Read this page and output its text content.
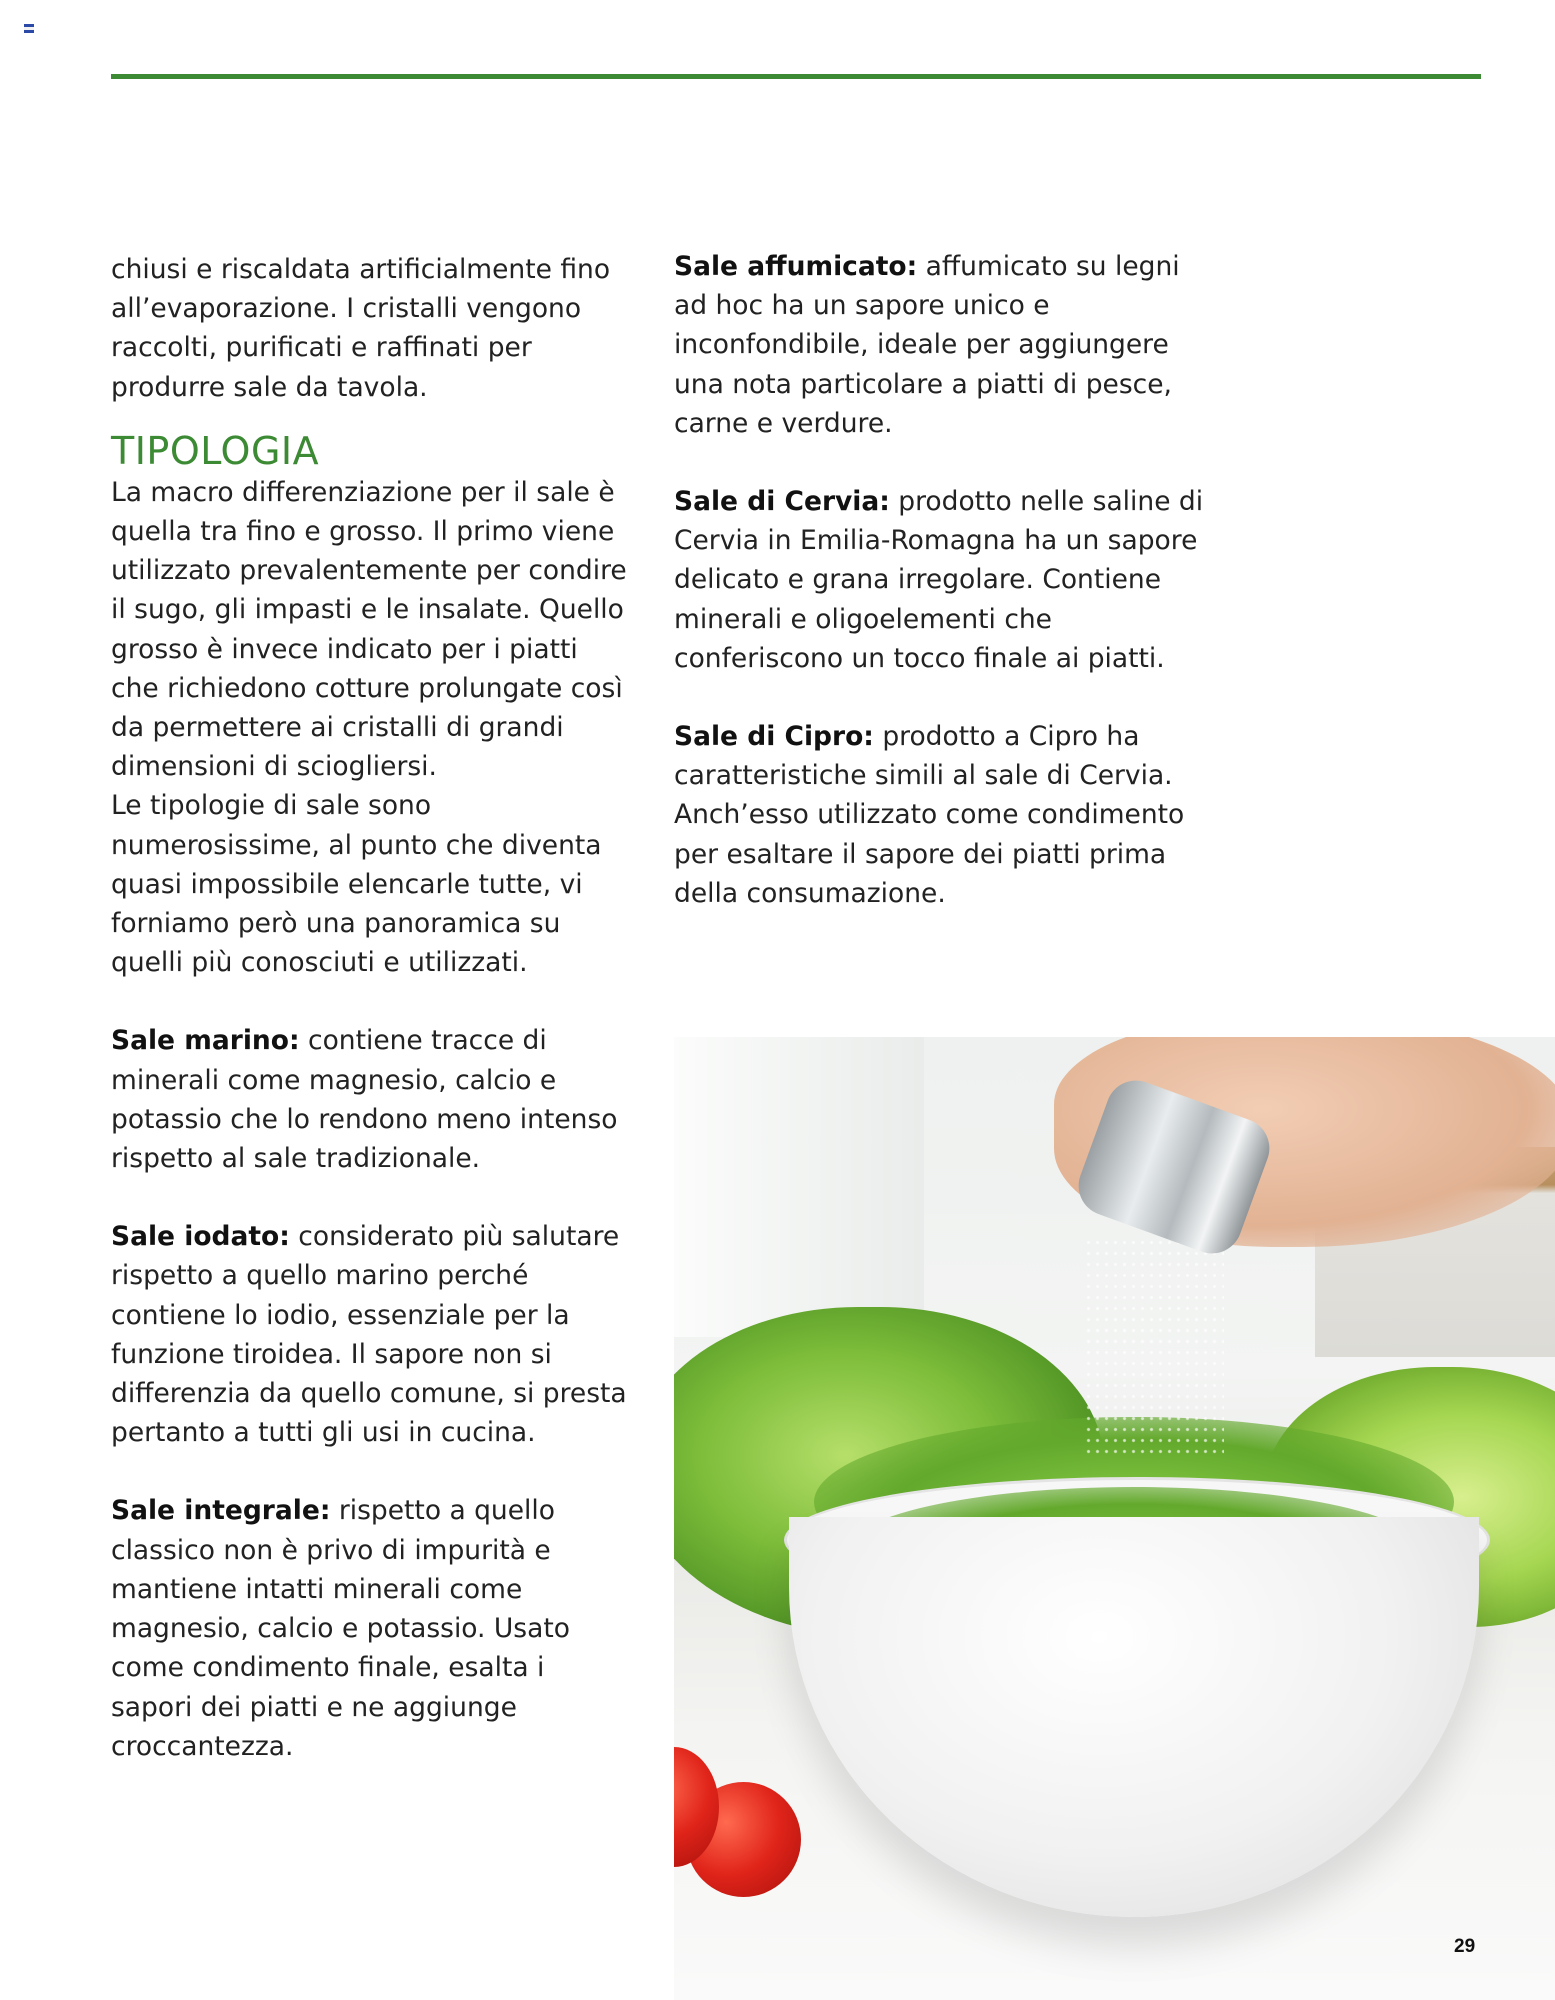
chiusi e riscaldata artificialmente fino all’evaporazione. I cristalli vengono raccolti, purificati e raffinati per produrre sale da tavola.

TIPOLOGIA

La macro differenziazione per il sale è quella tra fino e grosso. Il primo viene utilizzato prevalentemente per condire il sugo, gli impasti e le insalate. Quello grosso è invece indicato per i piatti che richiedono cotture prolungate così da permettere ai cristalli di grandi dimensioni di sciogliersi.

Le tipologie di sale sono numerosissime, al punto che diventa quasi impossibile elencarle tutte, vi forniamo però una panoramica su quelli più conosciuti e utilizzati.

Sale marino: contiene tracce di minerali come magnesio, calcio e potassio che lo rendono meno intenso rispetto al sale tradizionale.

Sale iodato: considerato più salutare rispetto a quello marino perché contiene lo iodio, essenziale per la funzione tiroidea. Il sapore non si differenzia da quello comune, si presta pertanto a tutti gli usi in cucina.

Sale integrale: rispetto a quello classico non è privo di impurità e mantiene intatti minerali come magnesio, calcio e potassio. Usato come condimento finale, esalta i sapori dei piatti e ne aggiunge croccantezza.

Sale affumicato: affumicato su legni ad hoc ha un sapore unico e inconfondibile, ideale per aggiungere una nota particolare a piatti di pesce, carne e verdure.

Sale di Cervia: prodotto nelle saline di Cervia in Emilia-Romagna ha un sapore delicato e grana irregolare. Contiene minerali e oligoelementi che conferiscono un tocco finale ai piatti.

Sale di Cipro: prodotto a Cipro ha caratteristiche simili al sale di Cervia. Anch’esso utilizzato come condimento per esaltare il sapore dei piatti prima della consumazione.

29
